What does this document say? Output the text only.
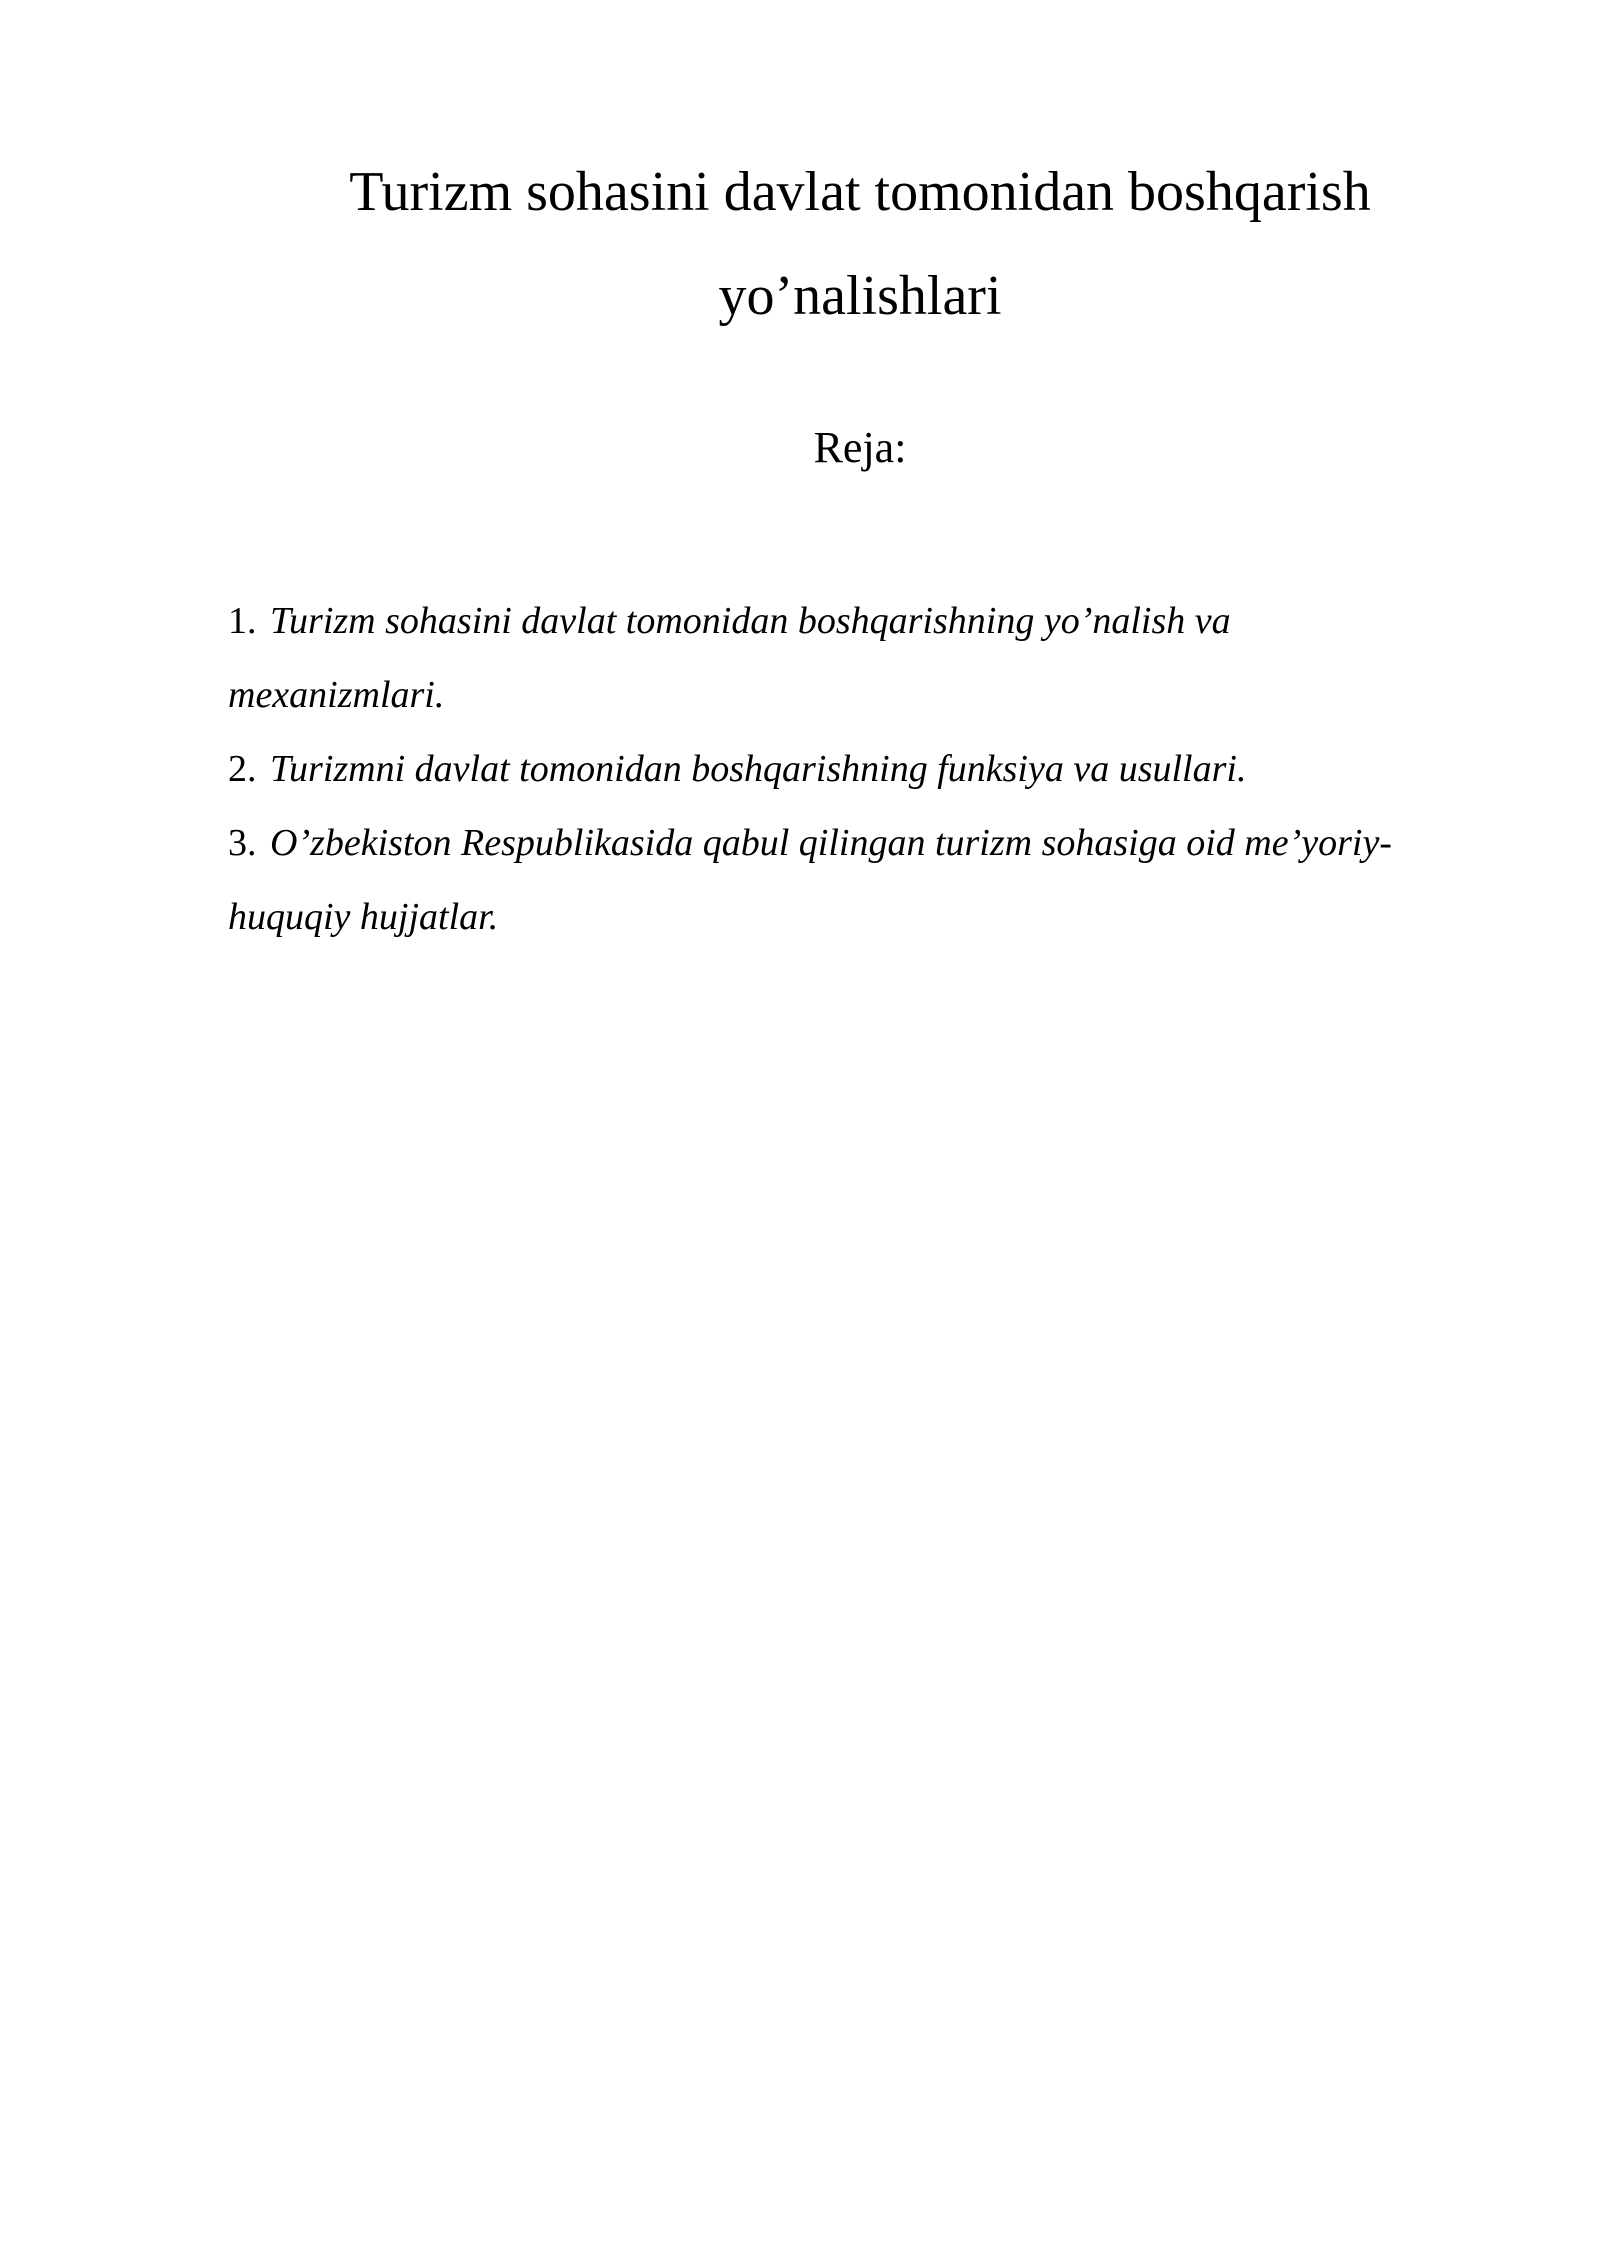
Turizm sohasini davlat tomonidan boshqarish
yo’nalishlari
Reja:
1. Turizm sohasini davlat tomonidan boshqarishning yo’nalish va mexanizmlari.
2. Turizmni davlat tomonidan boshqarishning funksiya va usullari.
3. O’zbekiston Respublikasida qabul qilingan turizm sohasiga oid me’yoriy-huquqiy hujjatlar.
